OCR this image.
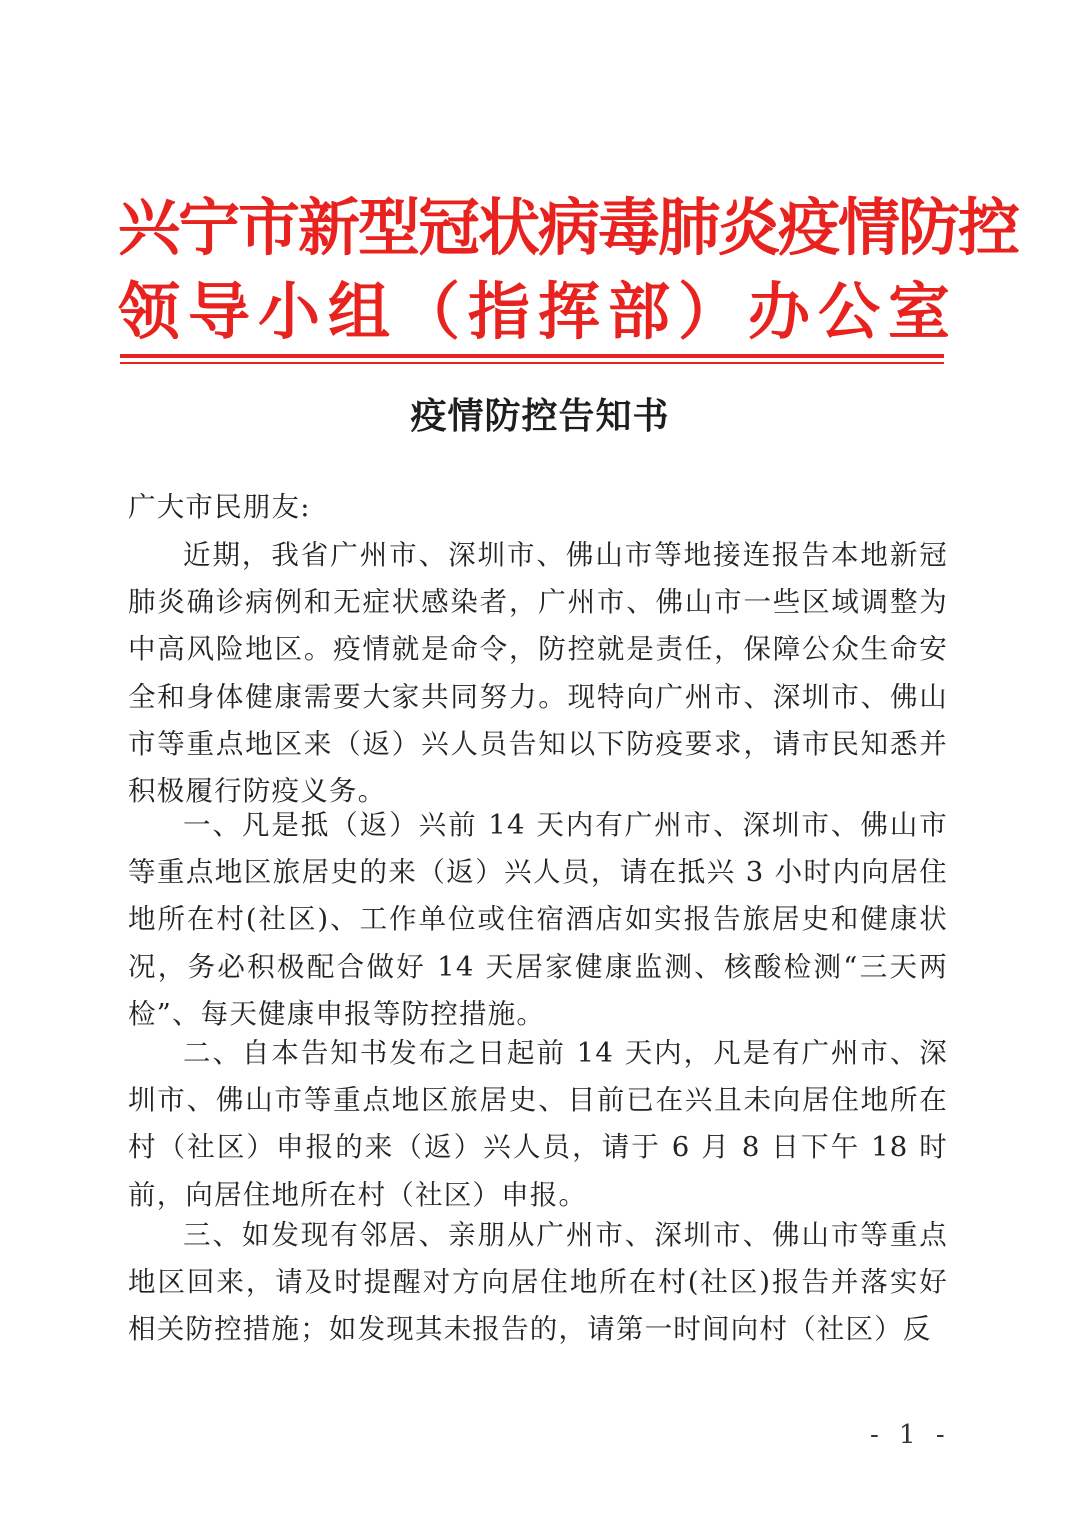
兴宁市新型冠状病毒肺炎疫情防控
领导小组（指挥部）办公室
疫情防控告知书
广大市民朋友:

近期，我省广州市、深圳市、佛山市等地接连报告本地新冠肺炎确诊病例和无症状感染者，广州市、佛山市一些区域调整为中高风险地区。疫情就是命令，防控就是责任，保障公众生命安全和身体健康需要大家共同努力。现特向广州市、深圳市、佛山市等重点地区来（返）兴人员告知以下防疫要求，请市民知悉并积极履行防疫义务。

一、凡是抵（返）兴前 14 天内有广州市、深圳市、佛山市等重点地区旅居史的来（返）兴人员，请在抵兴 3 小时内向居住地所在村(社区)、工作单位或住宿酒店如实报告旅居史和健康状况，务必积极配合做好 14 天居家健康监测、核酸检测“三天两检”、每天健康申报等防控措施。

二、自本告知书发布之日起前 14 天内，凡是有广州市、深圳市、佛山市等重点地区旅居史、目前已在兴且未向居住地所在村（社区）申报的来（返）兴人员，请于 6 月 8 日下午 18 时前，向居住地所在村（社区）申报。

三、如发现有邻居、亲朋从广州市、深圳市、佛山市等重点地区回来，请及时提醒对方向居住地所在村(社区)报告并落实好相关防控措施；如发现其未报告的，请第一时间向村（社区）反

- 1 -
